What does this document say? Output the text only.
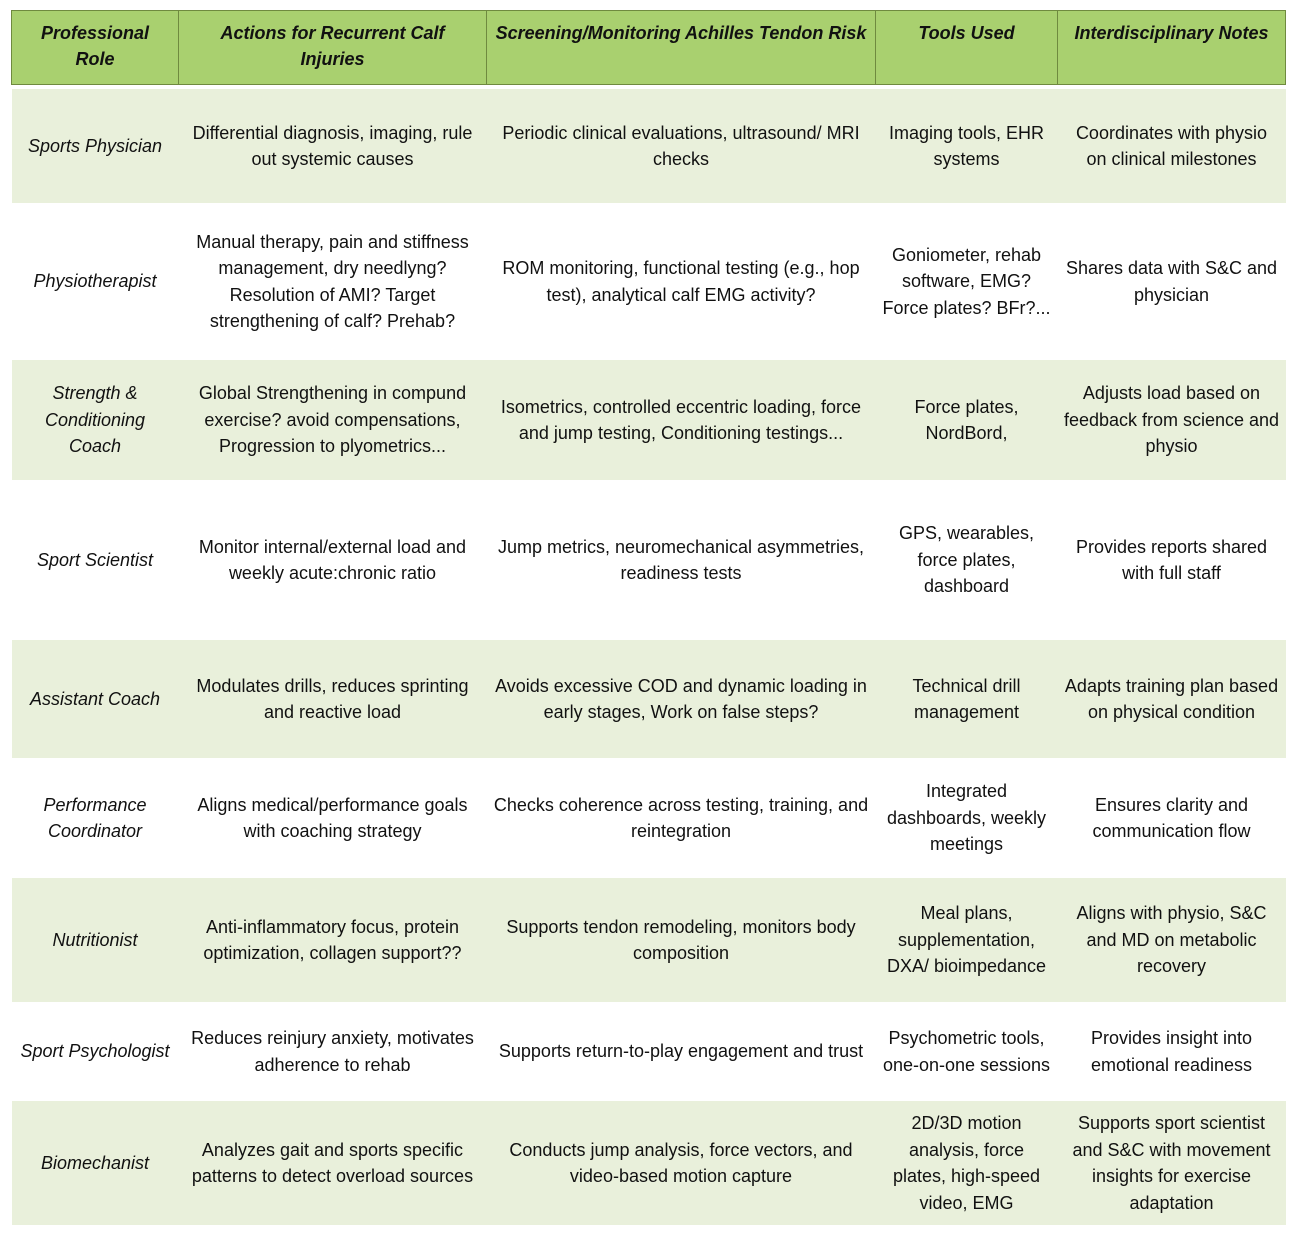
Professional Role	Actions for Recurrent Calf Injuries	Screening/Monitoring Achilles Tendon Risk	Tools Used	Interdisciplinary Notes

Sports Physician	Differential diagnosis, imaging, rule out systemic causes	Periodic clinical evaluations, ultrasound/ MRI checks	Imaging tools, EHR systems	Coordinates with physio on clinical milestones
Physiotherapist	Manual therapy, pain and stiffness management, dry needlyng? Resolution of AMI? Target strengthening of calf? Prehab?	ROM monitoring, functional testing (e.g., hop test), analytical calf EMG activity?	Goniometer, rehab software, EMG? Force plates? BFr?...	Shares data with S&C and physician
Strength & Conditioning Coach	Global Strengthening in compund exercise? avoid compensations, Progression to plyometrics...	Isometrics, controlled eccentric loading, force and jump testing, Conditioning testings...	Force plates, NordBord,	Adjusts load based on feedback from science and physio
Sport Scientist	Monitor internal/external load and weekly acute:chronic ratio	Jump metrics, neuromechanical asymmetries, readiness tests	GPS, wearables, force plates, dashboard	Provides reports shared with full staff
Assistant Coach	Modulates drills, reduces sprinting and reactive load	Avoids excessive COD and dynamic loading in early stages, Work on false steps?	Technical drill management	Adapts training plan based on physical condition
Performance Coordinator	Aligns medical/performance goals with coaching strategy	Checks coherence across testing, training, and reintegration	Integrated dashboards, weekly meetings	Ensures clarity and communication flow
Nutritionist	Anti-inflammatory focus, protein optimization, collagen support??	Supports tendon remodeling, monitors body composition	Meal plans, supplementation, DXA/ bioimpedance	Aligns with physio, S&C and MD on metabolic recovery
Sport Psychologist	Reduces reinjury anxiety, motivates adherence to rehab	Supports return-to-play engagement and trust	Psychometric tools, one-on-one sessions	Provides insight into emotional readiness
Biomechanist	Analyzes gait and sports specific patterns to detect overload sources	Conducts jump analysis, force vectors, and video-based motion capture	2D/3D motion analysis, force plates, high-speed video, EMG	Supports sport scientist and S&C with movement insights for exercise adaptation
